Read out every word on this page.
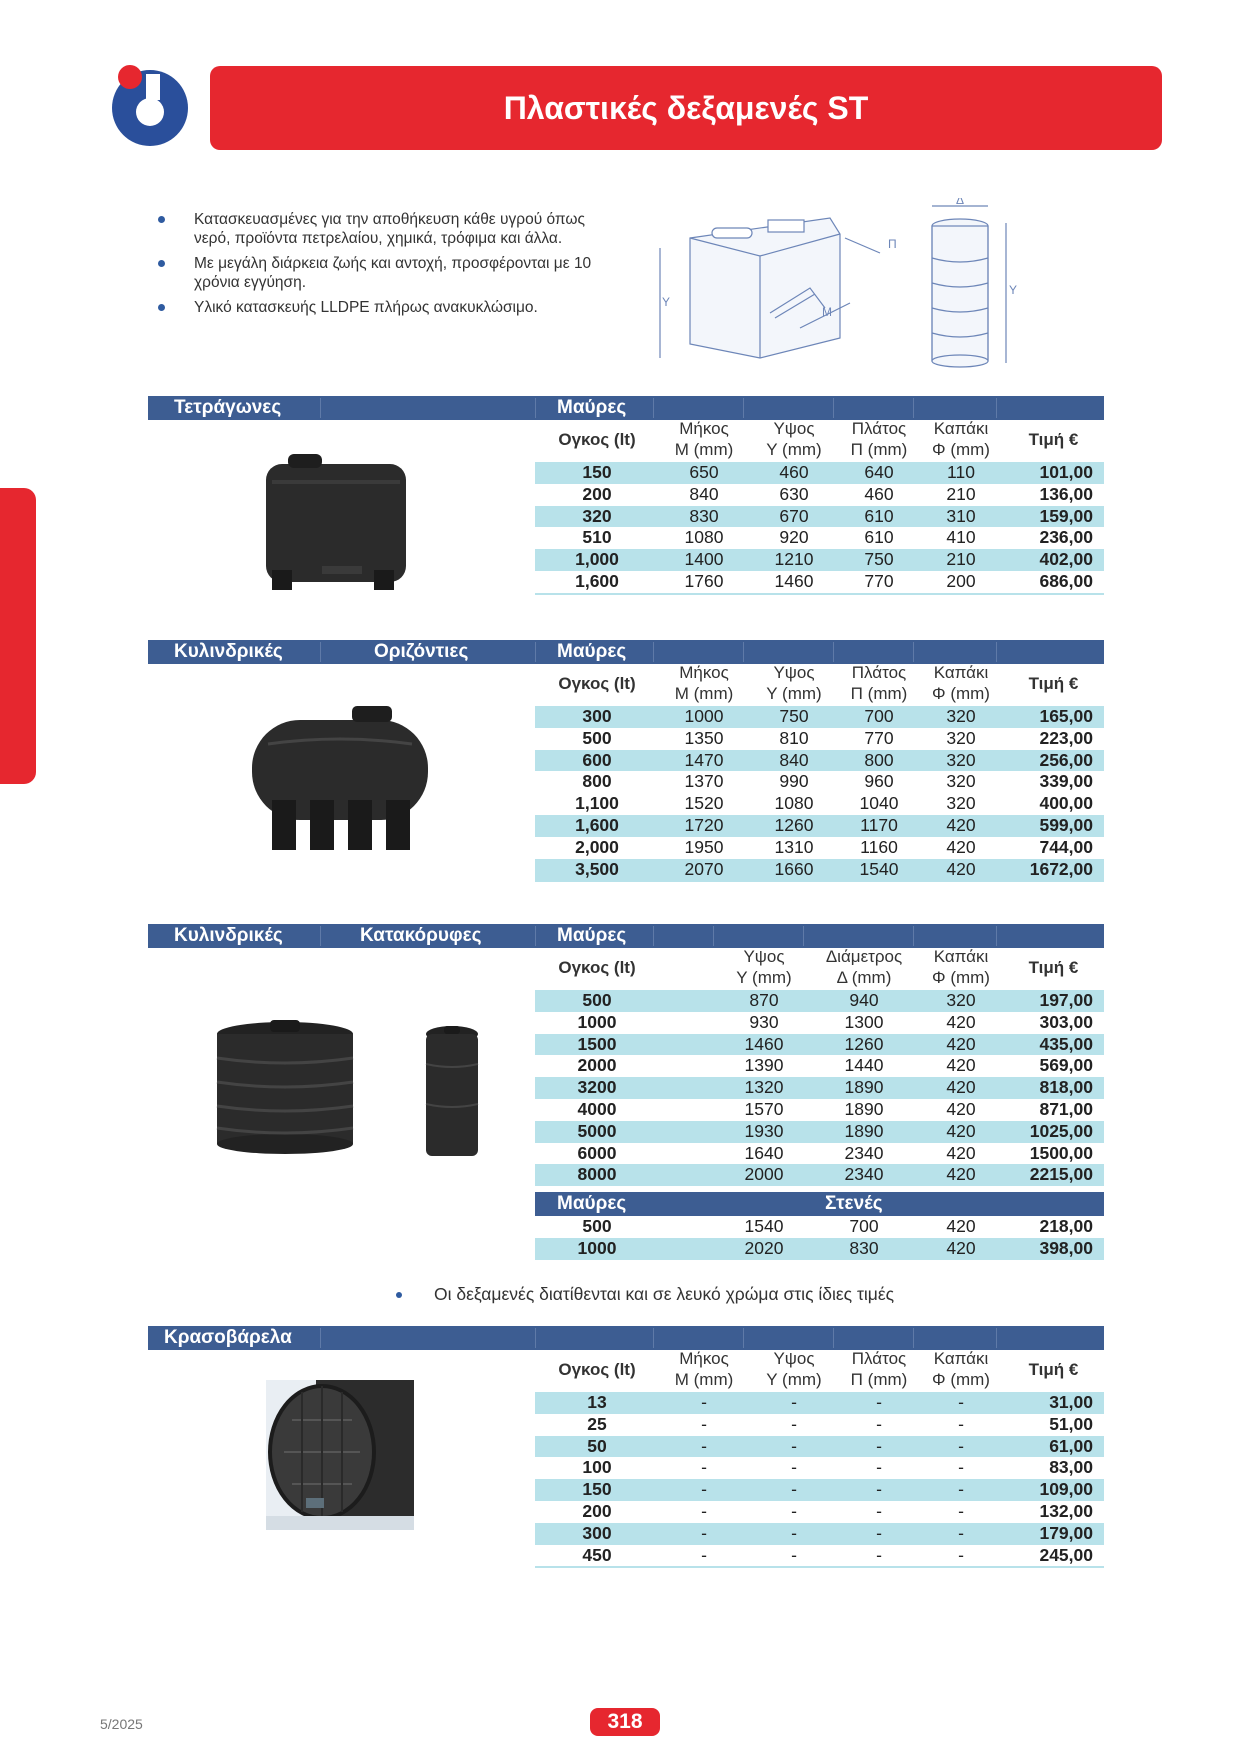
Πλαστικές δεξαμενές ST
Κατασκευασμένες για την αποθήκευση κάθε υγρού όπως νερό, προϊόντα πετρελαίου, χημικά, τρόφιμα και άλλα.
Με μεγάλη διάρκεια ζωής και αντοχή, προσφέρονται με 10 χρόνια εγγύηση.
Υλικό κατασκευής LLDPE πλήρως ανακυκλώσιμο.
Π
Μ
Υ
Δ
Υ
Τετράγωνες	Μαύρες
Ογκος (lt)
Μήκος
Μ (mm)
Υψος
Υ (mm)
Πλάτος
Π (mm)
Καπάκι
Φ (mm)
Τιμή €
150	650	460	640	110	101,00
200	840	630	460	210	136,00
320	830	670	610	310	159,00
510	1080	920	610	410	236,00
1,000	1400	1210	750	210	402,00
1,600	1760	1460	770	200	686,00
Κυλινδρικές	Οριζόντιες	Μαύρες
Ογκος (lt)
Μήκος
Μ (mm)
Υψος
Υ (mm)
Πλάτος
Π (mm)
Καπάκι
Φ (mm)
Τιμή €
300	1000	750	700	320	165,00
500	1350	810	770	320	223,00
600	1470	840	800	320	256,00
800	1370	990	960	320	339,00
1,100	1520	1080	1040	320	400,00
1,600	1720	1260	1170	420	599,00
2,000	1950	1310	1160	420	744,00
3,500	2070	1660	1540	420	1672,00
Κυλινδρικές	Κατακόρυφες	Μαύρες
Ογκος (lt)
Υψος
Υ (mm)
Διάμετρος
Δ (mm)
Καπάκι
Φ (mm)
Τιμή €
500	870	940	320	197,00
1000	930	1300	420	303,00
1500	1460	1260	420	435,00
2000	1390	1440	420	569,00
3200	1320	1890	420	818,00
4000	1570	1890	420	871,00
5000	1930	1890	420	1025,00
6000	1640	2340	420	1500,00
8000	2000	2340	420	2215,00
Μαύρες	Στενές
500	1540	700	420	218,00
1000	2020	830	420	398,00
Οι δεξαμενές διατίθενται και σε λευκό χρώμα στις ίδιες τιμές
Κρασοβάρελα
Ογκος (lt)
Μήκος
Μ (mm)
Υψος
Υ (mm)
Πλάτος
Π (mm)
Καπάκι
Φ (mm)
Τιμή €
13	-	-	-	-	31,00
25	-	-	-	-	51,00
50	-	-	-	-	61,00
100	-	-	-	-	83,00
150	-	-	-	-	109,00
200	-	-	-	-	132,00
300	-	-	-	-	179,00
450	-	-	-	-	245,00
5/2025	318
